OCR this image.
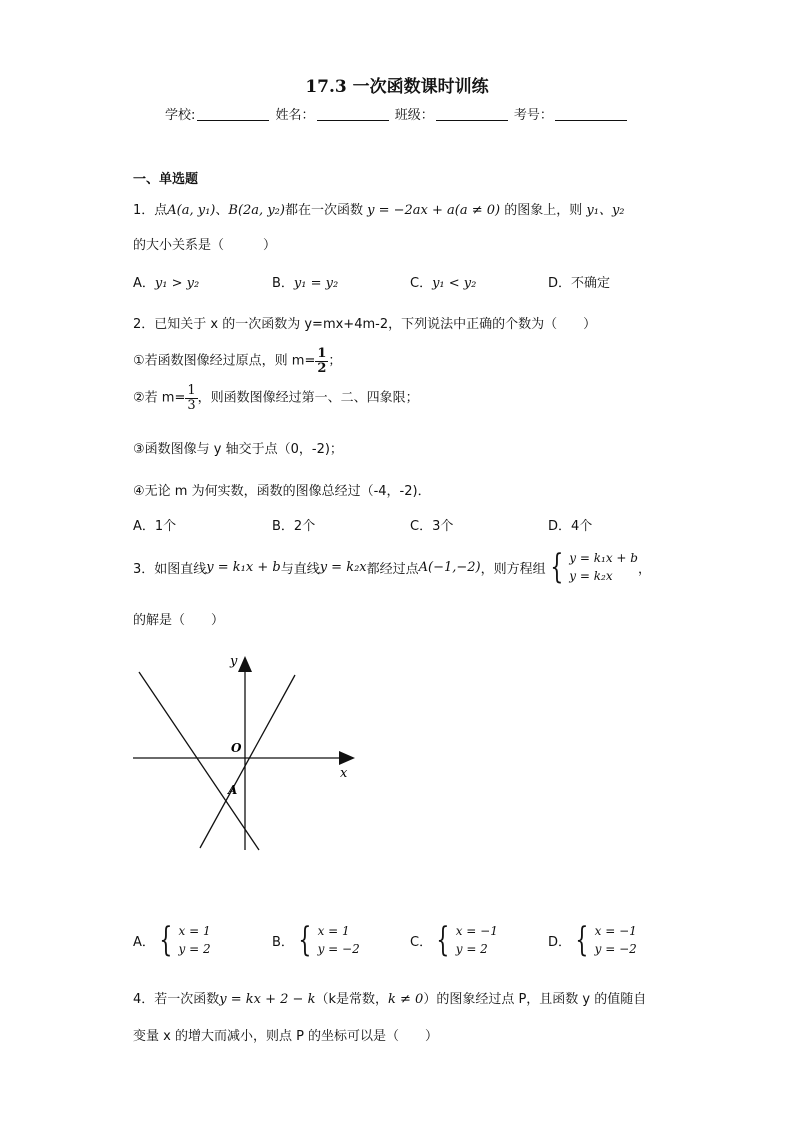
17.3 一次函数课时训练
学校:	姓名：	班级：	考号：
一、单选题
1．点A(a, y₁)、B(2a, y₂)都在一次函数 y = −2ax + a(a ≠ 0) 的图象上，则 y₁、y₂
的大小关系是（　　　）
A．y₁ > y₂	B．y₁ = y₂	C．y₁ < y₂	D．不确定
2．已知关于 x 的一次函数为 y=mx+4m-2，下列说法中正确的个数为（　　）
①若函数图像经过原点，则 $m= \frac{1}{2}$ ；
②若 $m= \frac{1}{3}$ ，则函数图像经过第一、二、四象限；
③函数图像与 y 轴交于点（0，-2)；
④无论 m 为何实数，函数的图像总经过（-4，-2)．
A．1个	B．2个	C．3个	D．4个
3．如图直线 y = k₁x + b 与直线 y = k₂x 都经过点 A(−1,−2) ，则方程组 { y = k₁x + b
y = k₂x	，
的解是（　　）
y
x
O
A
A． { x = 1
y = 2	B． { x = 1
y = −2	C． { x = −1
y = 2	D． { x = −1
y = −2
4．若一次函数y = kx + 2 − k（k是常数，k ≠ 0）的图象经过点 P，且函数 y 的值随自
变量 x 的增大而减小，则点 P 的坐标可以是（　　）
